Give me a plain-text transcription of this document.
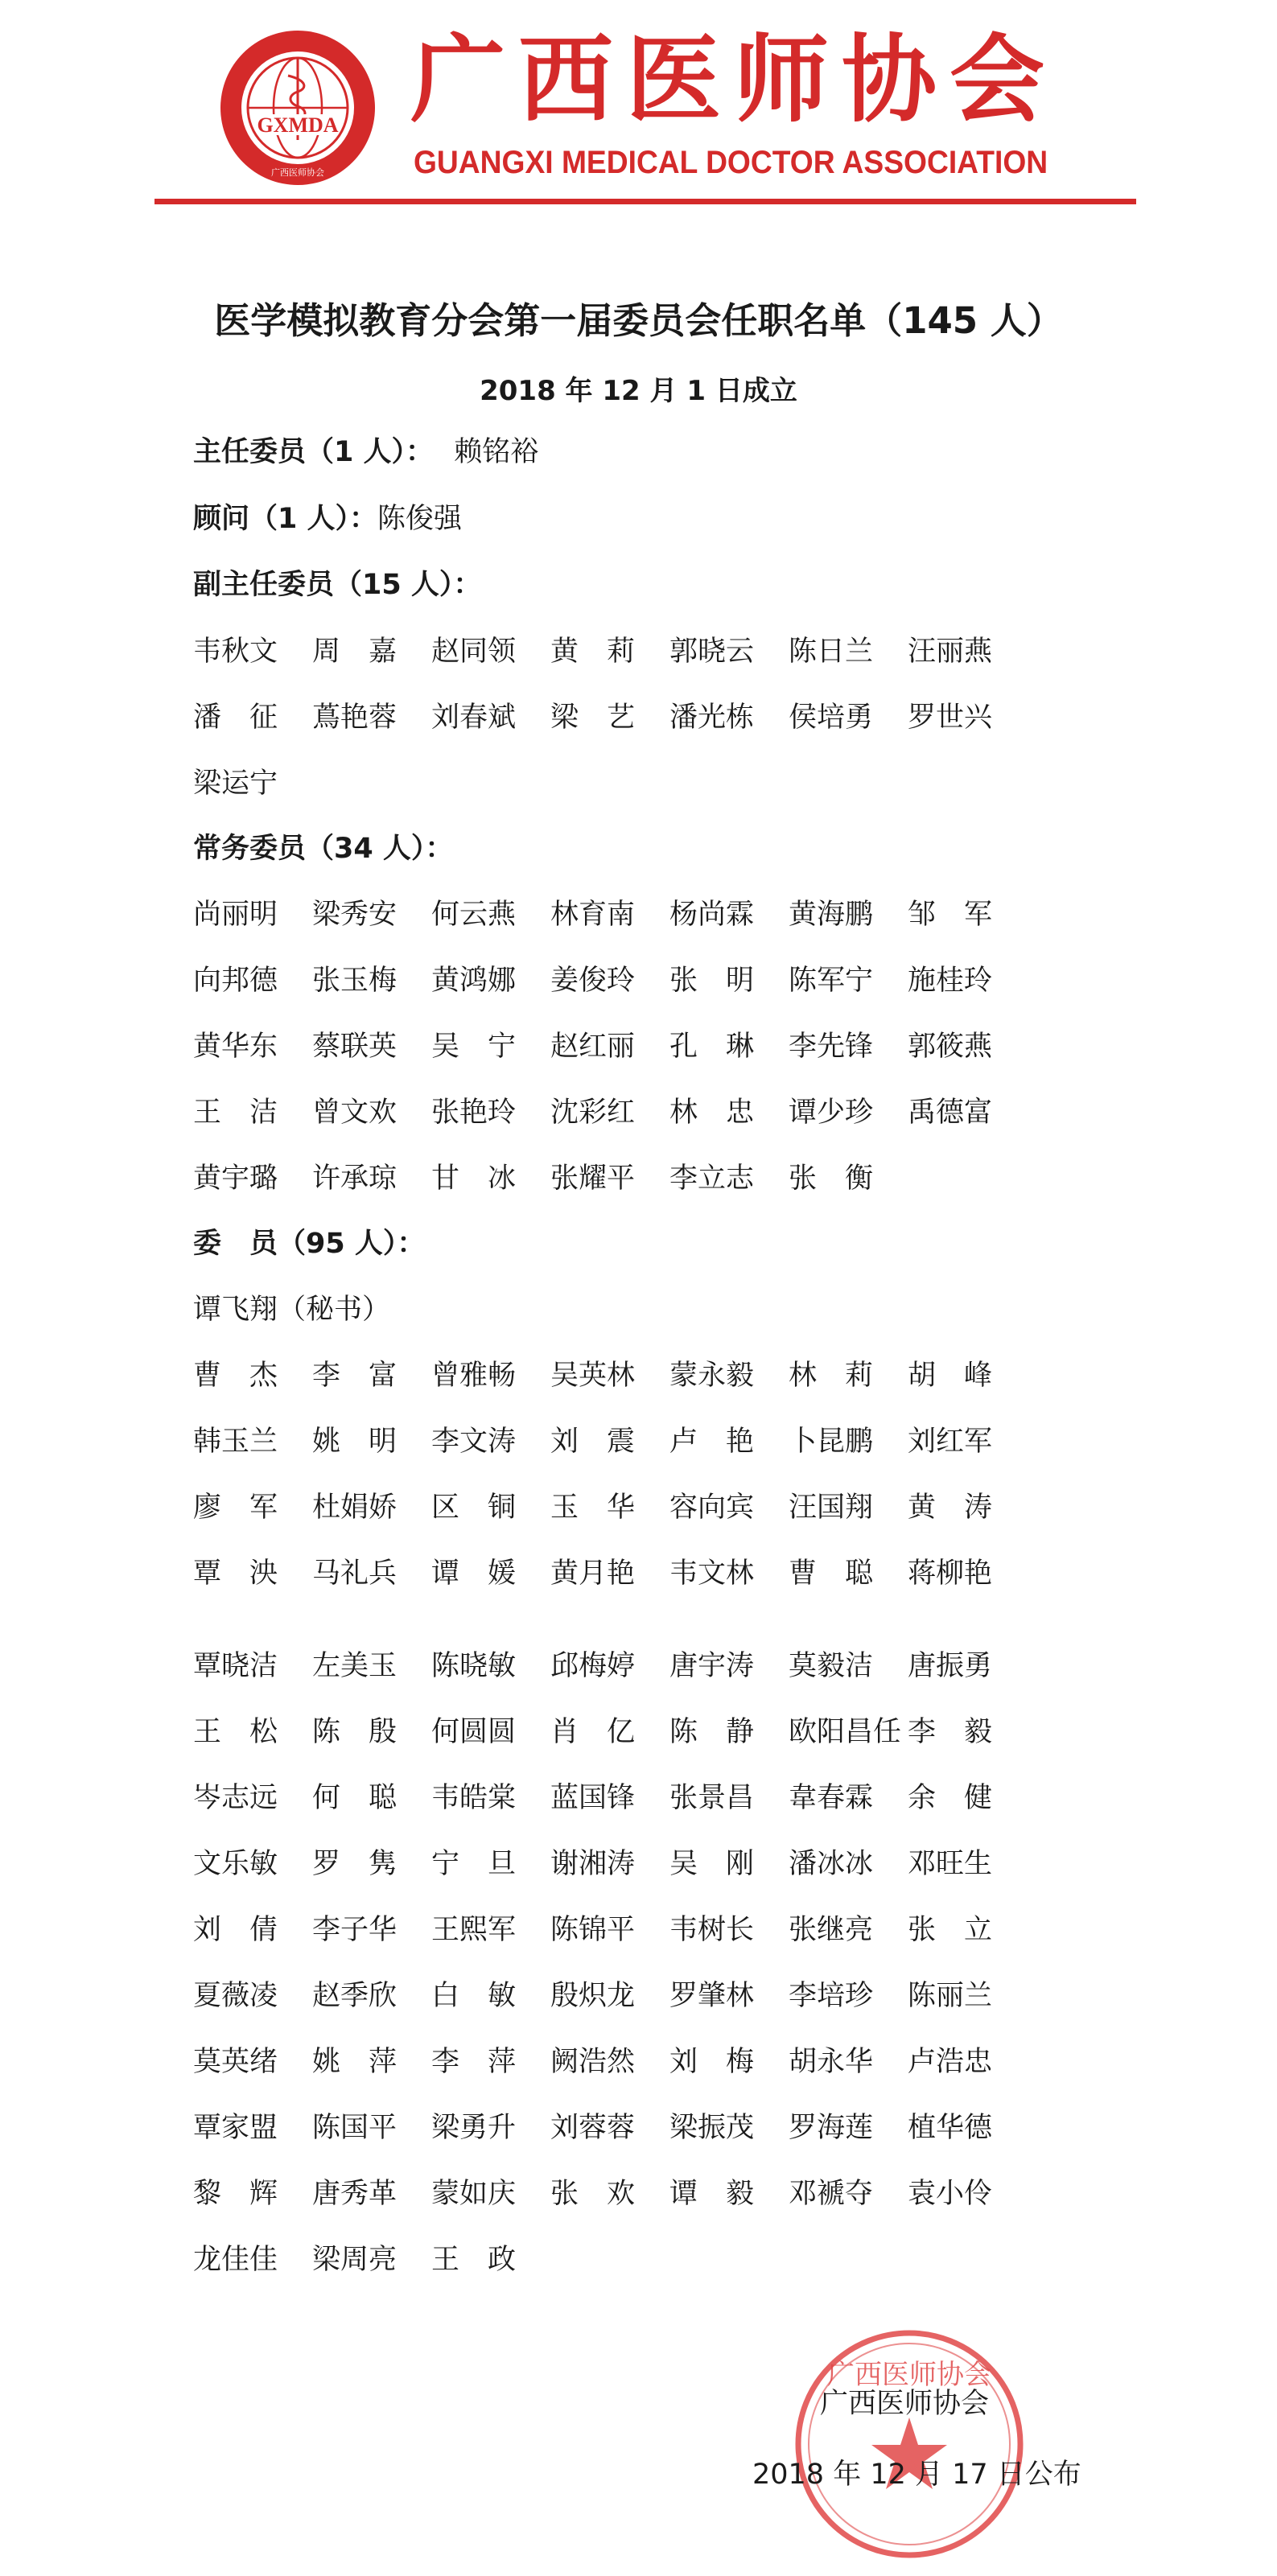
GXMDA
广西医师协会
广西医师协会
GUANGXI MEDICAL DOCTOR ASSOCIATION
医学模拟教育分会第一届委员会任职名单（145 人）
2018 年 12 月 1 日成立
主任委员（1 人）： 赖铭裕
顾问（1 人）：陈俊强
副主任委员（15 人）：
韦秋文 周　嘉 赵同领 黄　莉 郭晓云 陈日兰 汪丽燕
潘　征 蔦艳蓉 刘春斌 梁　艺 潘光栋 侯培勇 罗世兴
梁运宁
常务委员（34 人）：
尚丽明 梁秀安 何云燕 林育南 杨尚霖 黄海鹏 邹　军
向邦德 张玉梅 黄鸿娜 姜俊玲 张　明 陈军宁 施桂玲
黄华东 蔡联英 吴　宁 赵红丽 孔　琳 李先锋 郭筱燕
王　洁 曾文欢 张艳玲 沈彩红 林　忠 谭少珍 禹德富
黄宇璐 许承琼 甘　冰 张耀平 李立志 张　衡
委　员（95 人）：
谭飞翔（秘书）
曹　杰 李　富 曾雅畅 吴英林 蒙永毅 林　莉 胡　峰
韩玉兰 姚　明 李文涛 刘　震 卢　艳 卜昆鹏 刘红军
廖　军 杜娟娇 区　铜 玉　华 容向宾 汪国翔 黄　涛
覃　泱 马礼兵 谭　媛 黄月艳 韦文林 曹　聪 蒋柳艳
覃晓洁 左美玉 陈晓敏 邱梅婷 唐宇涛 莫毅洁 唐振勇
王　松 陈　殷 何圆圆 肖　亿 陈　静 欧阳昌任 李　毅
岑志远 何　聪 韦皓棠 蓝国锋 张景昌 韋春霖 余　健
文乐敏 罗　隽 宁　旦 谢湘涛 吴　刚 潘冰冰 邓旺生
刘　倩 李子华 王熙军 陈锦平 韦树长 张继亮 张　立
夏薇凌 赵季欣 白　敏 殷炽龙 罗肇林 李培珍 陈丽兰
莫英绪 姚　萍 李　萍 阙浩然 刘　梅 胡永华 卢浩忠
覃家盟 陈国平 梁勇升 刘蓉蓉 梁振茂 罗海莲 植华德
黎　辉 唐秀革 蒙如庆 张　欢 谭　毅 邓褫夺 袁小伶
龙佳佳 梁周亮 王　政
广西医师协会
广西医师协会
2018 年 12 月 17 日公布
